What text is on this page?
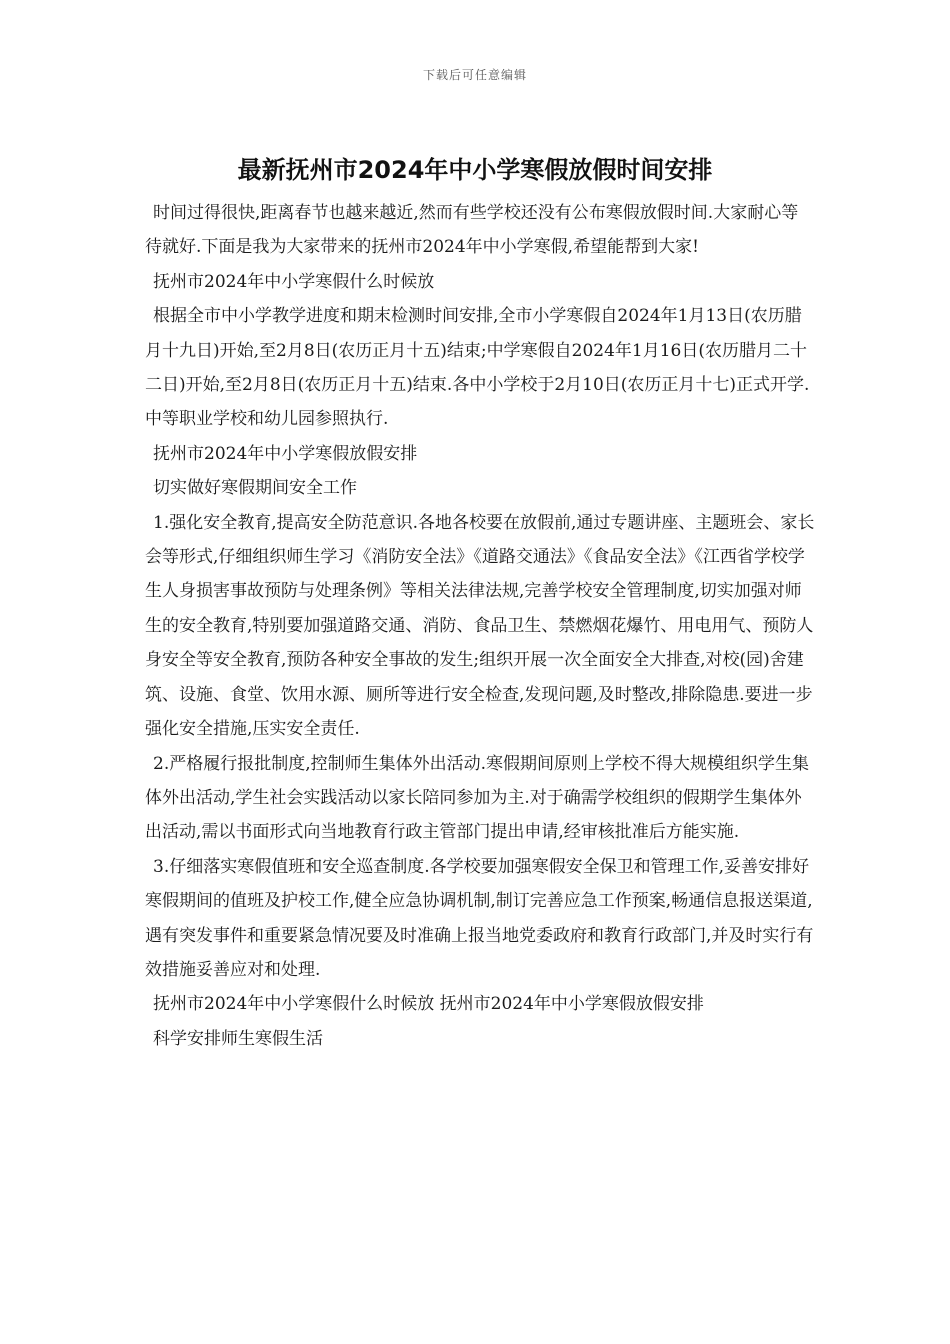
下载后可任意编辑
最新抚州市2024年中小学寒假放假时间安排

时间过得很快,距离春节也越来越近,然而有些学校还没有公布寒假放假时间.大家耐心等待就好.下面是我为大家带来的抚州市2024年中小学寒假,希望能帮到大家!

抚州市2024年中小学寒假什么时候放

根据全市中小学教学进度和期末检测时间安排,全市小学寒假自2024年1月13日(农历腊月十九日)开始,至2月8日(农历正月十五)结束;中学寒假自2024年1月16日(农历腊月二十二日)开始,至2月8日(农历正月十五)结束.各中小学校于2月10日(农历正月十七)正式开学.中等职业学校和幼儿园参照执行.

抚州市2024年中小学寒假放假安排

切实做好寒假期间安全工作

1.强化安全教育,提高安全防范意识.各地各校要在放假前,通过专题讲座、主题班会、家长会等形式,仔细组织师生学习《消防安全法》《道路交通法》《食品安全法》《江西省学校学生人身损害事故预防与处理条例》等相关法律法规,完善学校安全管理制度,切实加强对师生的安全教育,特别要加强道路交通、消防、食品卫生、禁燃烟花爆竹、用电用气、预防人身安全等安全教育,预防各种安全事故的发生;组织开展一次全面安全大排查,对校(园)舍建筑、设施、食堂、饮用水源、厕所等进行安全检查,发现问题,及时整改,排除隐患.要进一步强化安全措施,压实安全责任.

2.严格履行报批制度,控制师生集体外出活动.寒假期间原则上学校不得大规模组织学生集体外出活动,学生社会实践活动以家长陪同参加为主.对于确需学校组织的假期学生集体外出活动,需以书面形式向当地教育行政主管部门提出申请,经审核批准后方能实施.

3.仔细落实寒假值班和安全巡查制度.各学校要加强寒假安全保卫和管理工作,妥善安排好寒假期间的值班及护校工作,健全应急协调机制,制订完善应急工作预案,畅通信息报送渠道,遇有突发事件和重要紧急情况要及时准确上报当地党委政府和教育行政部门,并及时实行有效措施妥善应对和处理.

抚州市2024年中小学寒假什么时候放 抚州市2024年中小学寒假放假安排

科学安排师生寒假生活
